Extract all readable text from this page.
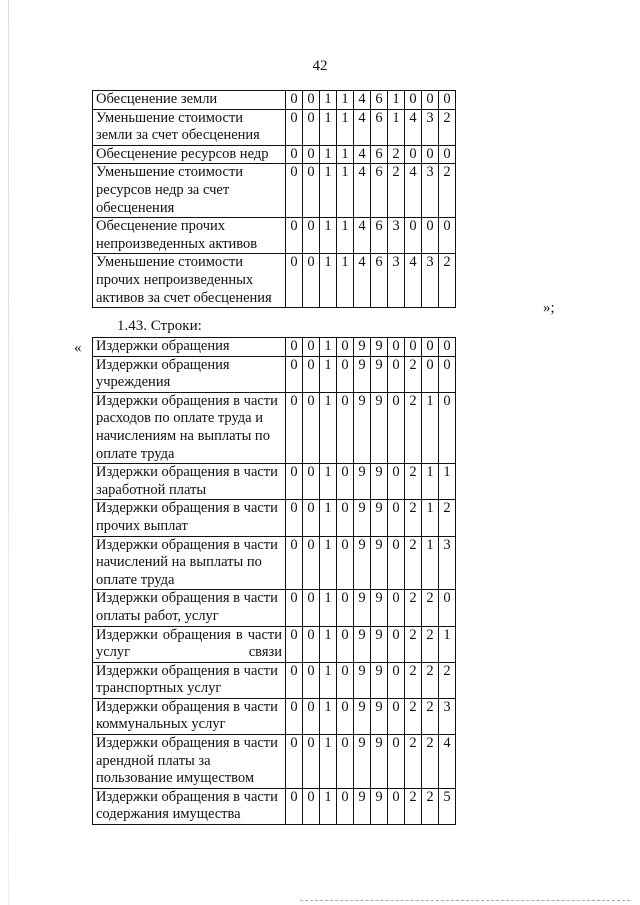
42
Обесценение земли	0	0	1	1	4	6	1	0	0	0
Уменьшение стоимости земли за счет обесценения	0	0	1	1	4	6	1	4	3	2
Обесценение ресурсов недр	0	0	1	1	4	6	2	0	0	0
Уменьшение стоимости ресурсов недр за счет обесценения	0	0	1	1	4	6	2	4	3	2
Обесценение прочих непроизведенных активов	0	0	1	1	4	6	3	0	0	0
Уменьшение стоимости прочих непроизведенных активов за счет обесценения	0	0	1	1	4	6	3	4	3	2
»;
1.43. Строки:
« Издержки обращения	0	0	1	0	9	9	0	0	0	0
Издержки обращения учреждения	0	0	1	0	9	9	0	2	0	0
Издержки обращения в части расходов по оплате труда и начислениям на выплаты по оплате труда	0	0	1	0	9	9	0	2	1	0
Издержки обращения в части заработной платы	0	0	1	0	9	9	0	2	1	1
Издержки обращения в части прочих выплат	0	0	1	0	9	9	0	2	1	2
Издержки обращения в части начислений на выплаты по оплате труда	0	0	1	0	9	9	0	2	1	3
Издержки обращения в части оплаты работ, услуг	0	0	1	0	9	9	0	2	2	0
Издержки обращения в части услуг связи	0	0	1	0	9	9	0	2	2	1
Издержки обращения в части транспортных услуг	0	0	1	0	9	9	0	2	2	2
Издержки обращения в части коммунальных услуг	0	0	1	0	9	9	0	2	2	3
Издержки обращения в части арендной платы за пользование имуществом	0	0	1	0	9	9	0	2	2	4
Издержки обращения в части содержания имущества	0	0	1	0	9	9	0	2	2	5
